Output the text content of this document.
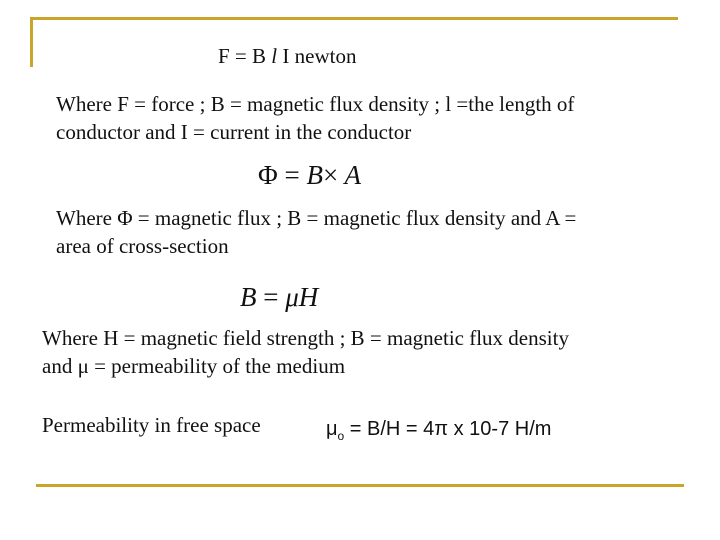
F = B l I newton
Where F = force ; B = magnetic flux density ; l =the length of
conductor and I = current in the conductor
Φ = B× A
Where Φ = magnetic flux ; B = magnetic flux density and A =
area of cross-section
B = μH
Where H = magnetic field strength ; B = magnetic flux density
and μ = permeability of the medium
Permeability in free space	$\mu_o = B/H = 4\pi$ x 10-7 H/m
